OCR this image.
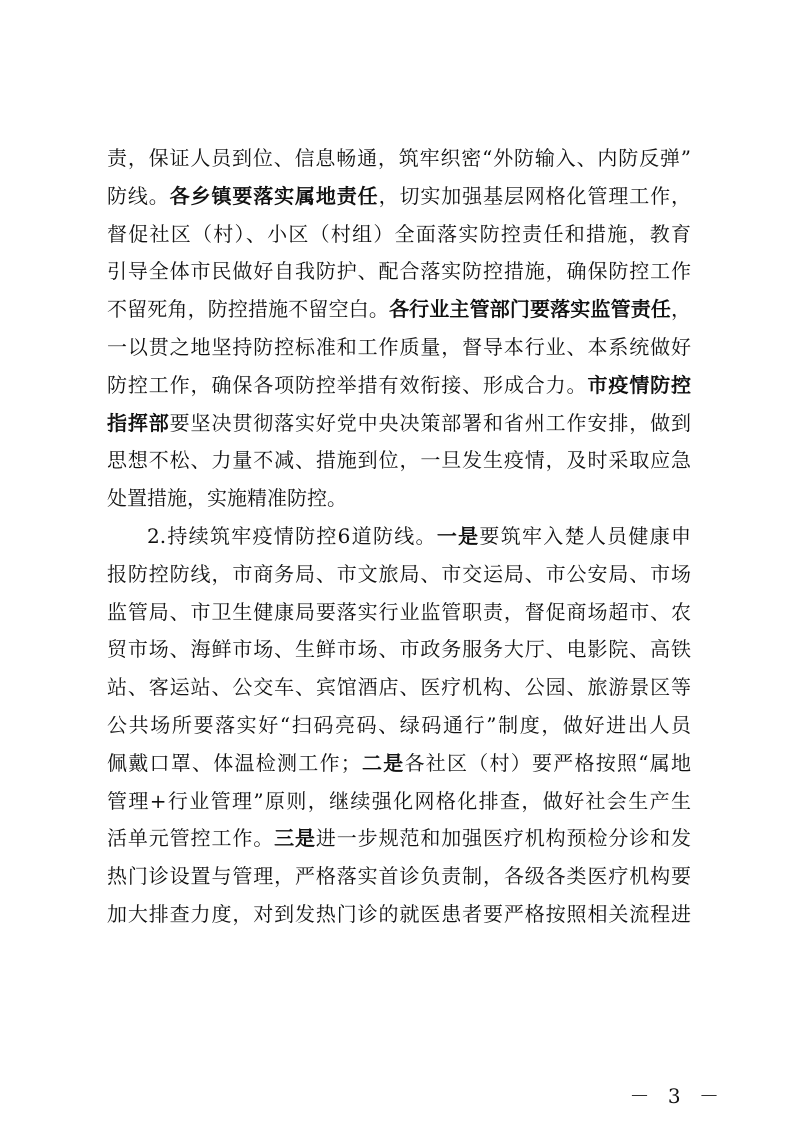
责，保证人员到位、信息畅通，筑牢织密“外防输入、内防反弹”
防线。各乡镇要落实属地责任，切实加强基层网格化管理工作，
督促社区（村）、小区（村组）全面落实防控责任和措施，教育
引导全体市民做好自我防护、配合落实防控措施，确保防控工作
不留死角，防控措施不留空白。各行业主管部门要落实监管责任，
一以贯之地坚持防控标准和工作质量，督导本行业、本系统做好
防控工作，确保各项防控举措有效衔接、形成合力。市疫情防控
指挥部要坚决贯彻落实好党中央决策部署和省州工作安排，做到
思想不松、力量不减、措施到位，一旦发生疫情，及时采取应急
处置措施，实施精准防控。
2.持续筑牢疫情防控6道防线。一是要筑牢入楚人员健康申
报防控防线，市商务局、市文旅局、市交运局、市公安局、市场
监管局、市卫生健康局要落实行业监管职责，督促商场超市、农
贸市场、海鲜市场、生鲜市场、市政务服务大厅、电影院、高铁
站、客运站、公交车、宾馆酒店、医疗机构、公园、旅游景区等
公共场所要落实好“扫码亮码、绿码通行”制度，做好进出人员
佩戴口罩、体温检测工作；二是各社区（村）要严格按照“属地
管理+行业管理”原则，继续强化网格化排查，做好社会生产生
活单元管控工作。三是进一步规范和加强医疗机构预检分诊和发
热门诊设置与管理，严格落实首诊负责制，各级各类医疗机构要
加大排查力度，对到发热门诊的就医患者要严格按照相关流程进
－ 3 －
